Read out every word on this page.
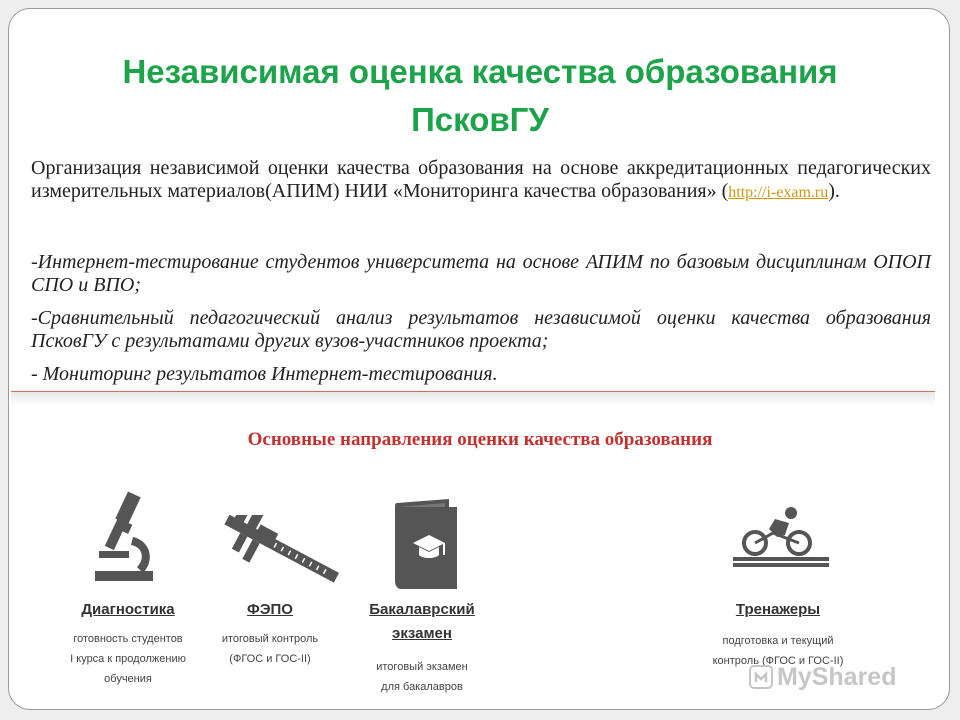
Независимая оценка качества образования
ПсковГУ
Организация независимой оценки качества образования на основе аккредитационных педагогических измерительных материалов(АПИМ) НИИ «Мониторинга качества образования» (http://i-exam.ru).
-Интернет-тестирование студентов университета на основе АПИМ по базовым дисциплинам ОПОП СПО и ВПО;
-Сравнительный педагогический анализ результатов независимой оценки качества образования ПсковГУ с результатами других вузов-участников проекта;
- Мониторинг результатов Интернет-тестирования.
Основные направления оценки качества образования
Диагностика
готовность студентов
I курса к продолжению
обучения
ФЭПО
итоговый контроль
(ФГОС и ГОС-II)
Бакалаврский
экзамен
итоговый экзамен
для бакалавров
Тренажеры
подготовка и текущий
контроль (ФГОС и ГОС-II)
MyShared
